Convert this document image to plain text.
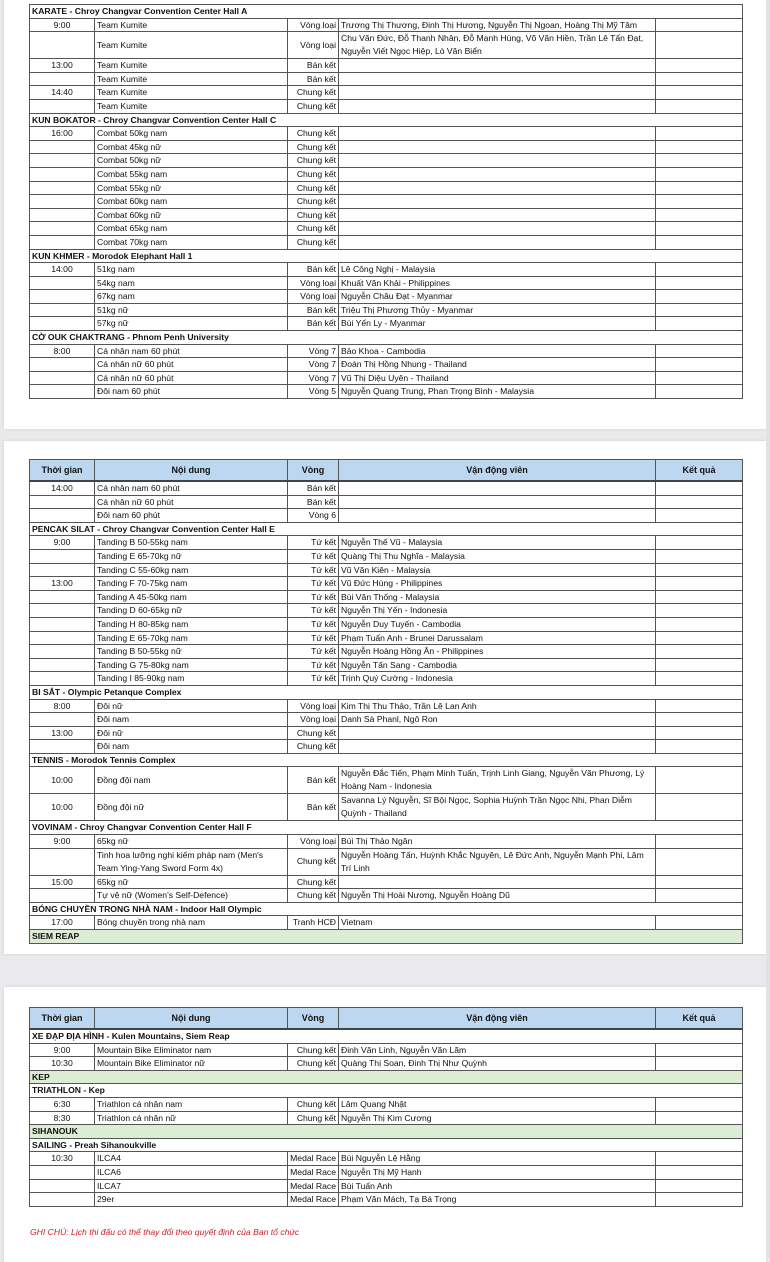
KARATE - Chroy Changvar Convention Center Hall A				
9:00	Team Kumite	Vòng loại	Trương Thị Thương, Đinh Thị Hương, Nguyễn Thị Ngoan, Hoàng Thị Mỹ Tâm	
	Team Kumite	Vòng loại	Chu Văn Đức, Đỗ Thanh Nhân, Đỗ Mạnh Hùng, Võ Văn Hiền, Trần Lê Tấn Đạt, Nguyễn Viết Ngọc Hiệp, Lò Văn Biển	
13:00	Team Kumite	Bán kết		
	Team Kumite	Bán kết		
14:40	Team Kumite	Chung kết		
	Team Kumite	Chung kết		
KUN BOKATOR - Chroy Changvar Convention Center Hall C				
16:00	Combat 50kg nam	Chung kết		
	Combat 45kg nữ	Chung kết		
	Combat 50kg nữ	Chung kết		
	Combat 55kg nam	Chung kết		
	Combat 55kg nữ	Chung kết		
	Combat 60kg nam	Chung kết		
	Combat 60kg nữ	Chung kết		
	Combat 65kg nam	Chung kết		
	Combat 70kg nam	Chung kết		
KUN KHMER - Morodok Elephant Hall 1				
14:00	51kg nam	Bán kết	Lê Công Nghị - Malaysia	
	54kg nam	Vòng loại	Khuất Văn Khải - Philippines	
	67kg nam	Vòng loại	Nguyễn Châu Đạt - Myanmar	
	51kg nữ	Bán kết	Triệu Thị Phương Thủy - Myanmar	
	57kg nữ	Bán kết	Bùi Yến Ly - Myanmar	
CỜ OUK CHAKTRANG - Phnom Penh University				
8:00	Cá nhân nam 60 phút	Vòng 7	Bảo Khoa - Cambodia	
	Cá nhân nữ 60 phút	Vòng 7	Đoàn Thị Hồng Nhung - Thailand	
	Cá nhân nữ 60 phút	Vòng 7	Vũ Thị Diệu Uyên - Thailand	
	Đôi nam 60 phút	Vòng 5	Nguyễn Quang Trung, Phan Trọng Bình - Malaysia	
Thời gian	Nội dung	Vòng	Vận động viên	Kết quả
14:00	Cá nhân nam 60 phút	Bán kết		
	Cá nhân nữ 60 phút	Bán kết		
	Đôi nam 60 phút	Vòng 6		
PENCAK SILAT - Chroy Changvar Convention Center Hall E				
9:00	Tanding B 50-55kg nam	Tứ kết	Nguyễn Thế Vũ - Malaysia	
	Tanding E 65-70kg nữ	Tứ kết	Quàng Thị Thu Nghĩa - Malaysia	
	Tanding C 55-60kg nam	Tứ kết	Vũ Văn Kiên - Malaysia	
13:00	Tanding F 70-75kg nam	Tứ kết	Vũ Đức Hùng - Philippines	
	Tanding A 45-50kg nam	Tứ kết	Bùi Văn Thống - Malaysia	
	Tanding D 60-65kg nữ	Tứ kết	Nguyễn Thị Yến - Indonesia	
	Tanding H 80-85kg nam	Tứ kết	Nguyễn Duy Tuyến - Cambodia	
	Tanding E 65-70kg nam	Tứ kết	Phạm Tuấn Anh - Brunei Darussalam	
	Tanding B 50-55kg nữ	Tứ kết	Nguyễn Hoàng Hồng Ân - Philippines	
	Tanding G 75-80kg nam	Tứ kết	Nguyễn Tấn Sang - Cambodia	
	Tanding I 85-90kg nam	Tứ kết	Trịnh Quý Cường - Indonesia	
BI SẮT - Olympic Petanque Complex				
8:00	Đôi nữ	Vòng loại	Kim Thị Thu Thảo, Trần Lê Lan Anh	
	Đôi nam	Vòng loại	Danh Sà Phanl, Ngô Ron	
13:00	Đôi nữ	Chung kết		
	Đôi nam	Chung kết		
TENNIS - Morodok Tennis Complex				
10:00	Đồng đội nam	Bán kết	Nguyễn Đắc Tiến, Phạm Minh Tuấn, Trịnh Linh Giang, Nguyễn Văn Phương, Lý Hoàng Nam - Indonesia	
10:00	Đồng đội nữ	Bán kết	Savanna Lý Nguyễn, Sĩ Bội Ngọc, Sophia Huỳnh Trần Ngọc Nhi, Phan Diễm Quỳnh - Thailand	
VOVINAM - Chroy Changvar Convention Center Hall F				
9:00	65kg nữ	Vòng loại	Bùi Thị Thảo Ngân	
	Tinh hoa lưỡng nghi kiếm pháp nam (Men's Team Ying-Yang Sword Form 4x)	Chung kết	Nguyễn Hoàng Tấn, Huỳnh Khắc Nguyên, Lê Đức Anh, Nguyễn Mạnh Phi, Lâm Trí Linh	
15:00	65kg nữ	Chung kết		
	Tự vệ nữ (Women's Self-Defence)	Chung kết	Nguyễn Thị Hoài Nương, Nguyễn Hoàng Dũ	
BÓNG CHUYỀN TRONG NHÀ NAM - Indoor Hall Olympic				
17:00	Bóng chuyền trong nhà nam	Tranh HCĐ	Vietnam	
SIEM REAP				
Thời gian	Nội dung	Vòng	Vận động viên	Kết quả
XE ĐẠP ĐỊA HÌNH - Kulen Mountains, Siem Reap				
9:00	Mountain Bike Eliminator nam	Chung kết	Đinh Văn Linh, Nguyễn Văn Lãm	
10:30	Mountain Bike Eliminator nữ	Chung kết	Quàng Thị Soan, Đinh Thị Như Quỳnh	
KEP				
TRIATHLON - Kep				
6:30	Triathlon cá nhân nam	Chung kết	Lâm Quang Nhật	
8:30	Triathlon cá nhân nữ	Chung kết	Nguyễn Thị Kim Cương	
SIHANOUK				
SAILING - Preah Sihanoukville				
10:30	ILCA4	Medal Race	Bùi Nguyễn Lệ Hằng	
	ILCA6	Medal Race	Nguyễn Thị Mỹ Hạnh	
	ILCA7	Medal Race	Bùi Tuấn Anh	
	29er	Medal Race	Phạm Văn Mách, Tạ Bá Trọng	
GHI CHÚ: Lịch thi đấu có thể thay đổi theo quyết định của Ban tổ chức
